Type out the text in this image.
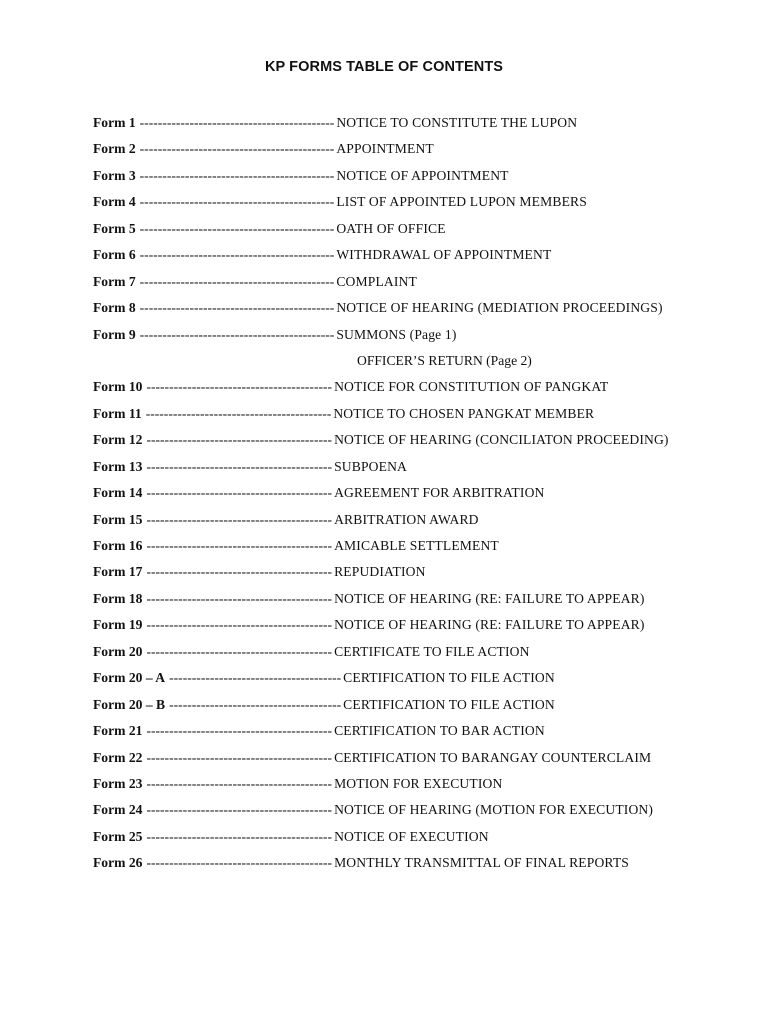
KP FORMS TABLE OF CONTENTS
Form 1 ------------------------------------------- NOTICE TO CONSTITUTE THE LUPON
Form 2 ------------------------------------------- APPOINTMENT
Form 3 ------------------------------------------- NOTICE OF APPOINTMENT
Form 4 ------------------------------------------- LIST OF APPOINTED LUPON MEMBERS
Form 5 ------------------------------------------- OATH OF OFFICE
Form 6 ------------------------------------------- WITHDRAWAL OF APPOINTMENT
Form 7 ------------------------------------------- COMPLAINT
Form 8 ------------------------------------------- NOTICE OF HEARING (MEDIATION PROCEEDINGS)
Form 9 ------------------------------------------- SUMMONS (Page 1)
OFFICER’S RETURN (Page 2)
Form 10 ----------------------------------------- NOTICE FOR CONSTITUTION OF PANGKAT
Form 11 ----------------------------------------- NOTICE TO CHOSEN PANGKAT MEMBER
Form 12 ----------------------------------------- NOTICE OF HEARING (CONCILIATON PROCEEDING)
Form 13 ----------------------------------------- SUBPOENA
Form 14 ----------------------------------------- AGREEMENT FOR ARBITRATION
Form 15 ----------------------------------------- ARBITRATION AWARD
Form 16 ----------------------------------------- AMICABLE SETTLEMENT
Form 17 ----------------------------------------- REPUDIATION
Form 18 ----------------------------------------- NOTICE OF HEARING (RE: FAILURE TO APPEAR)
Form 19 ----------------------------------------- NOTICE OF HEARING (RE: FAILURE TO APPEAR)
Form 20 ----------------------------------------- CERTIFICATE TO FILE ACTION
Form 20 – A -------------------------------------- CERTIFICATION TO FILE ACTION
Form 20 – B -------------------------------------- CERTIFICATION TO FILE ACTION
Form 21 ----------------------------------------- CERTIFICATION TO BAR ACTION
Form 22 ----------------------------------------- CERTIFICATION TO BARANGAY COUNTERCLAIM
Form 23 ----------------------------------------- MOTION FOR EXECUTION
Form 24 ----------------------------------------- NOTICE OF HEARING (MOTION FOR EXECUTION)
Form 25 ----------------------------------------- NOTICE OF EXECUTION
Form 26 ----------------------------------------- MONTHLY TRANSMITTAL OF FINAL REPORTS
